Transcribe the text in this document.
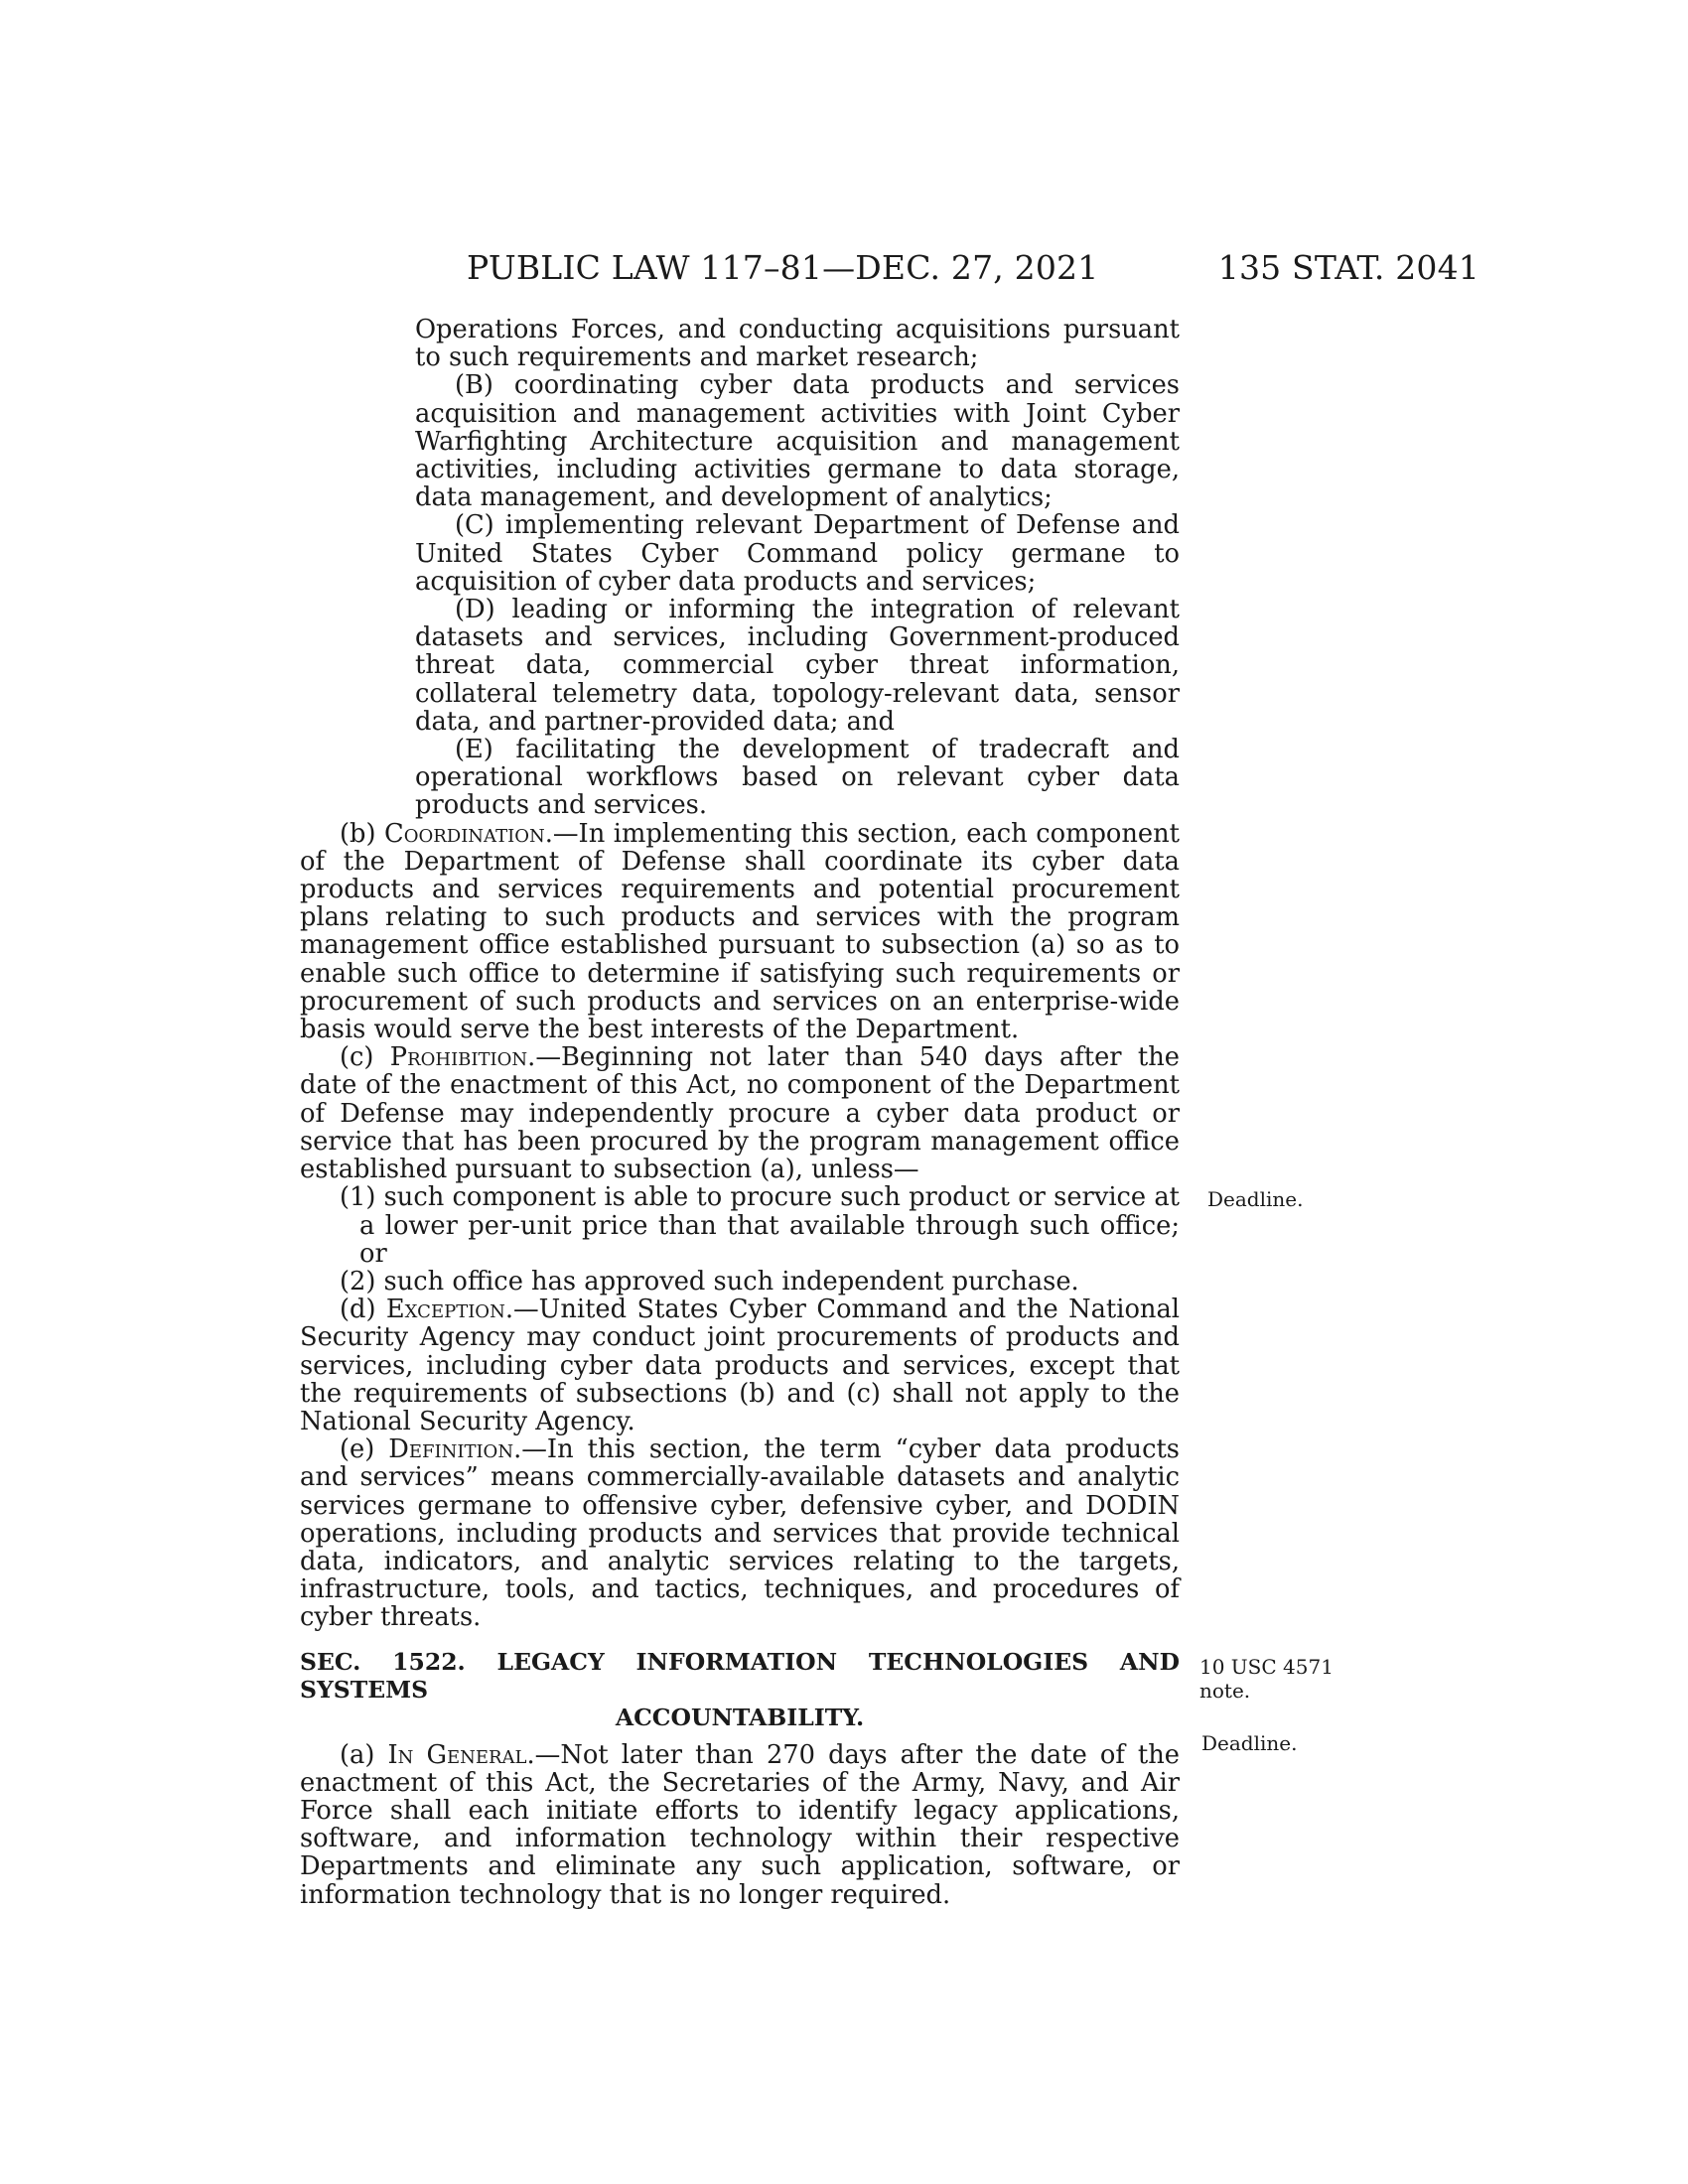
PUBLIC LAW 117–81—DEC. 27, 2021	135 STAT. 2041

Operations Forces, and conducting acquisitions pursuant to such requirements and market research;

(B) coordinating cyber data products and services acquisition and management activities with Joint Cyber Warfighting Architecture acquisition and management activities, including activities germane to data storage, data management, and development of analytics;

(C) implementing relevant Department of Defense and United States Cyber Command policy germane to acquisition of cyber data products and services;

(D) leading or informing the integration of relevant datasets and services, including Government-produced threat data, commercial cyber threat information, collateral telemetry data, topology-relevant data, sensor data, and partner-provided data; and

(E) facilitating the development of tradecraft and operational workflows based on relevant cyber data products and services.

(b) Coordination.—In implementing this section, each component of the Department of Defense shall coordinate its cyber data products and services requirements and potential procurement plans relating to such products and services with the program management office established pursuant to subsection (a) so as to enable such office to determine if satisfying such requirements or procurement of such products and services on an enterprise-wide basis would serve the best interests of the Department.

(c) Prohibition.—Beginning not later than 540 days after the date of the enactment of this Act, no component of the Department of Defense may independently procure a cyber data product or service that has been procured by the program management office established pursuant to subsection (a), unless—

(1) such component is able to procure such product or service at a lower per-unit price than that available through such office; or

(2) such office has approved such independent purchase.

(d) Exception.—United States Cyber Command and the National Security Agency may conduct joint procurements of products and services, including cyber data products and services, except that the requirements of subsections (b) and (c) shall not apply to the National Security Agency.

(e) Definition.—In this section, the term “cyber data products and services” means commercially-available datasets and analytic services germane to offensive cyber, defensive cyber, and DODIN operations, including products and services that provide technical data, indicators, and analytic services relating to the targets, infrastructure, tools, and tactics, techniques, and procedures of cyber threats.

SEC. 1522. LEGACY INFORMATION TECHNOLOGIES AND SYSTEMS
ACCOUNTABILITY.

(a) In General.—Not later than 270 days after the date of the enactment of this Act, the Secretaries of the Army, Navy, and Air Force shall each initiate efforts to identify legacy applications, software, and information technology within their respective Departments and eliminate any such application, software, or information technology that is no longer required.

Deadline.
10 USC 4571
note.
Deadline.
